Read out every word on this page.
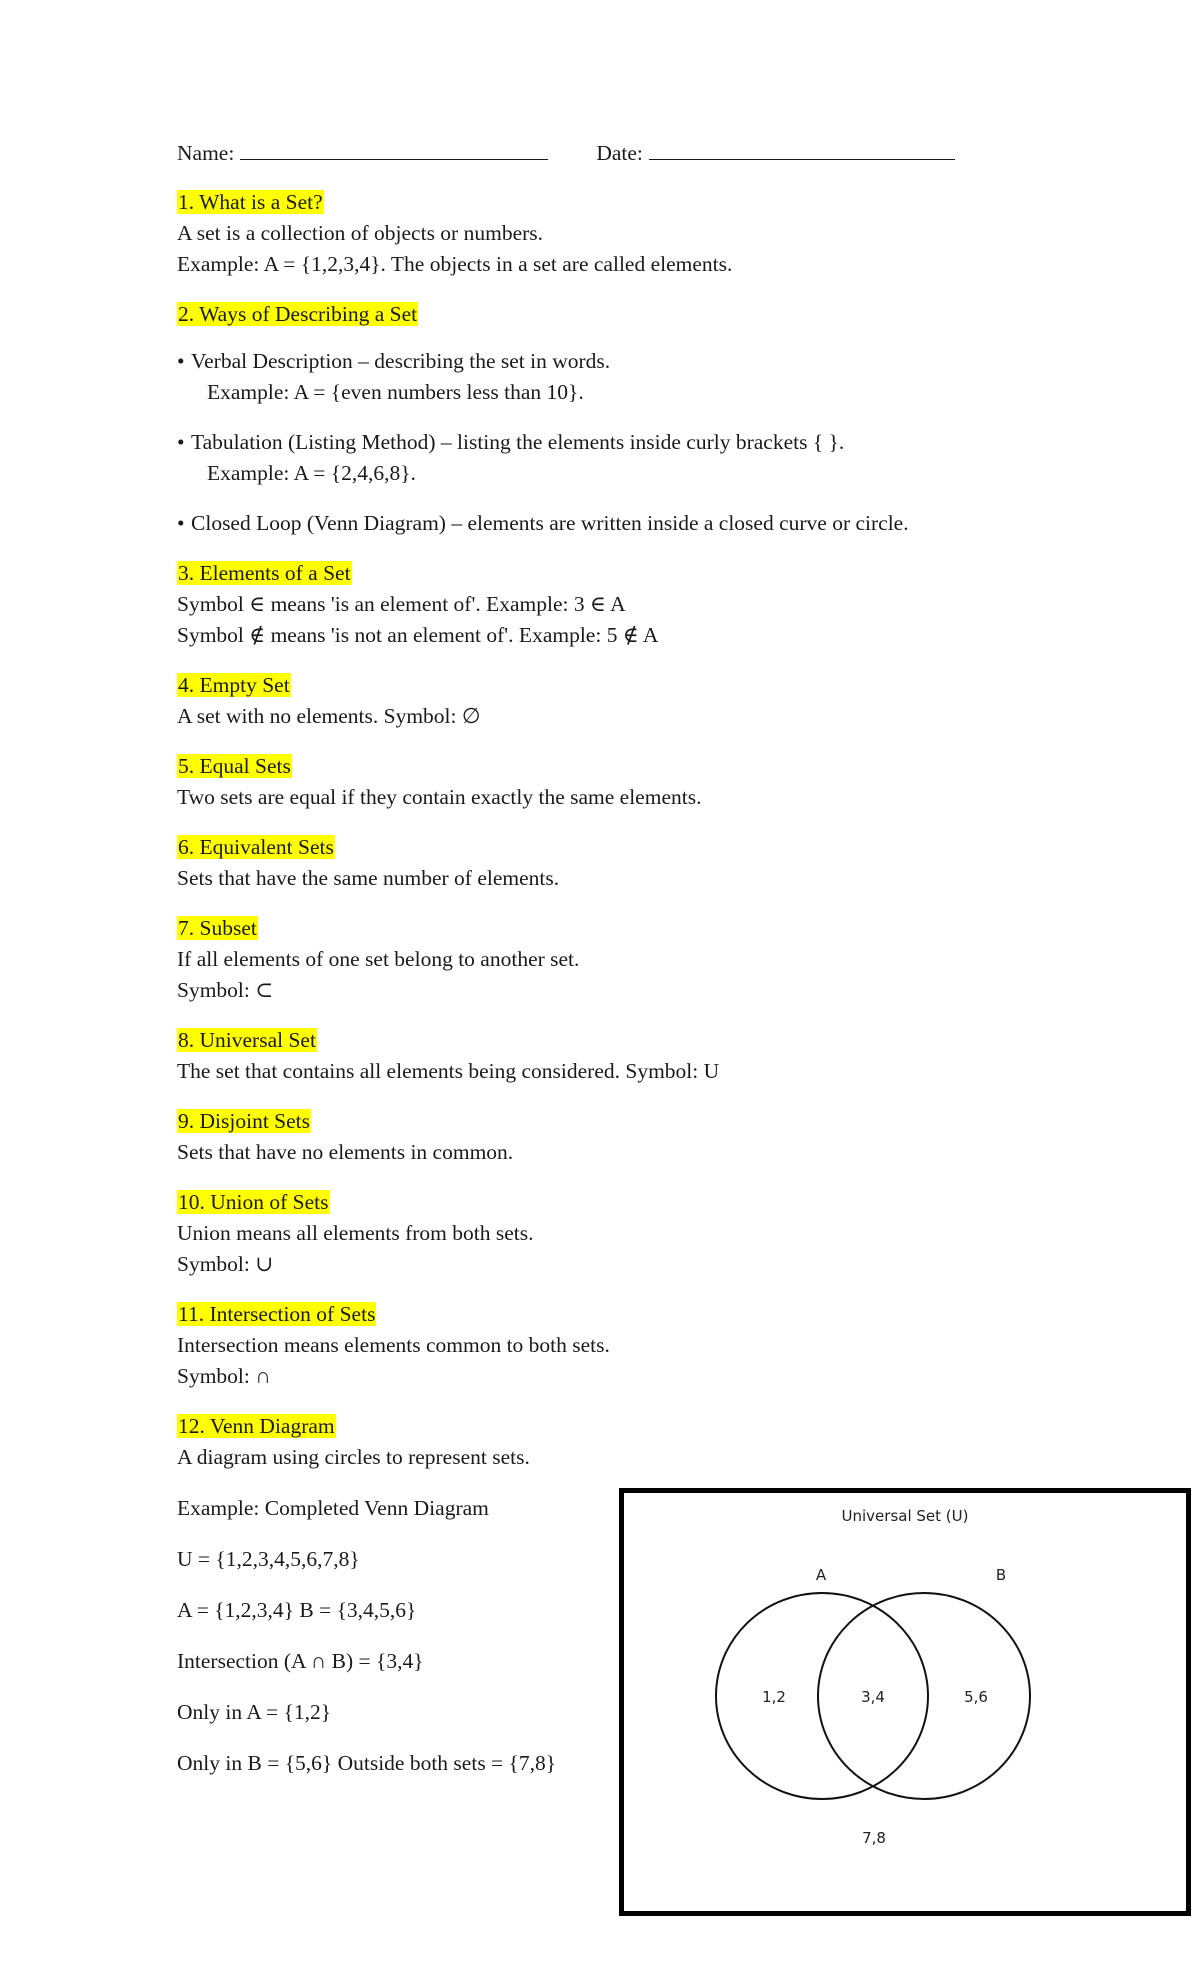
Name:	Date:
1. What is a Set?
A set is a collection of objects or numbers.
Example: A = {1,2,3,4}. The objects in a set are called elements.
2. Ways of Describing a Set
• Verbal Description – describing the set in words.
Example: A = {even numbers less than 10}.
• Tabulation (Listing Method) – listing the elements inside curly brackets { }.
Example: A = {2,4,6,8}.
• Closed Loop (Venn Diagram) – elements are written inside a closed curve or circle.
3. Elements of a Set
Symbol ∈ means 'is an element of'. Example: 3 ∈ A
Symbol ∉ means 'is not an element of'. Example: 5 ∉ A
4. Empty Set
A set with no elements. Symbol: ∅
5. Equal Sets
Two sets are equal if they contain exactly the same elements.
6. Equivalent Sets
Sets that have the same number of elements.
7. Subset
If all elements of one set belong to another set.
Symbol: ⊂
8. Universal Set
The set that contains all elements being considered. Symbol: U
9. Disjoint Sets
Sets that have no elements in common.
10. Union of Sets
Union means all elements from both sets.
Symbol: ∪
11. Intersection of Sets
Intersection means elements common to both sets.
Symbol: ∩
12. Venn Diagram
A diagram using circles to represent sets.
Example: Completed Venn Diagram
U = {1,2,3,4,5,6,7,8}
A = {1,2,3,4} B = {3,4,5,6}
Intersection (A ∩ B) = {3,4}
Only in A = {1,2}
Only in B = {5,6} Outside both sets = {7,8}
Universal Set (U)
A	B
1,2	3,4	5,6
7,8
